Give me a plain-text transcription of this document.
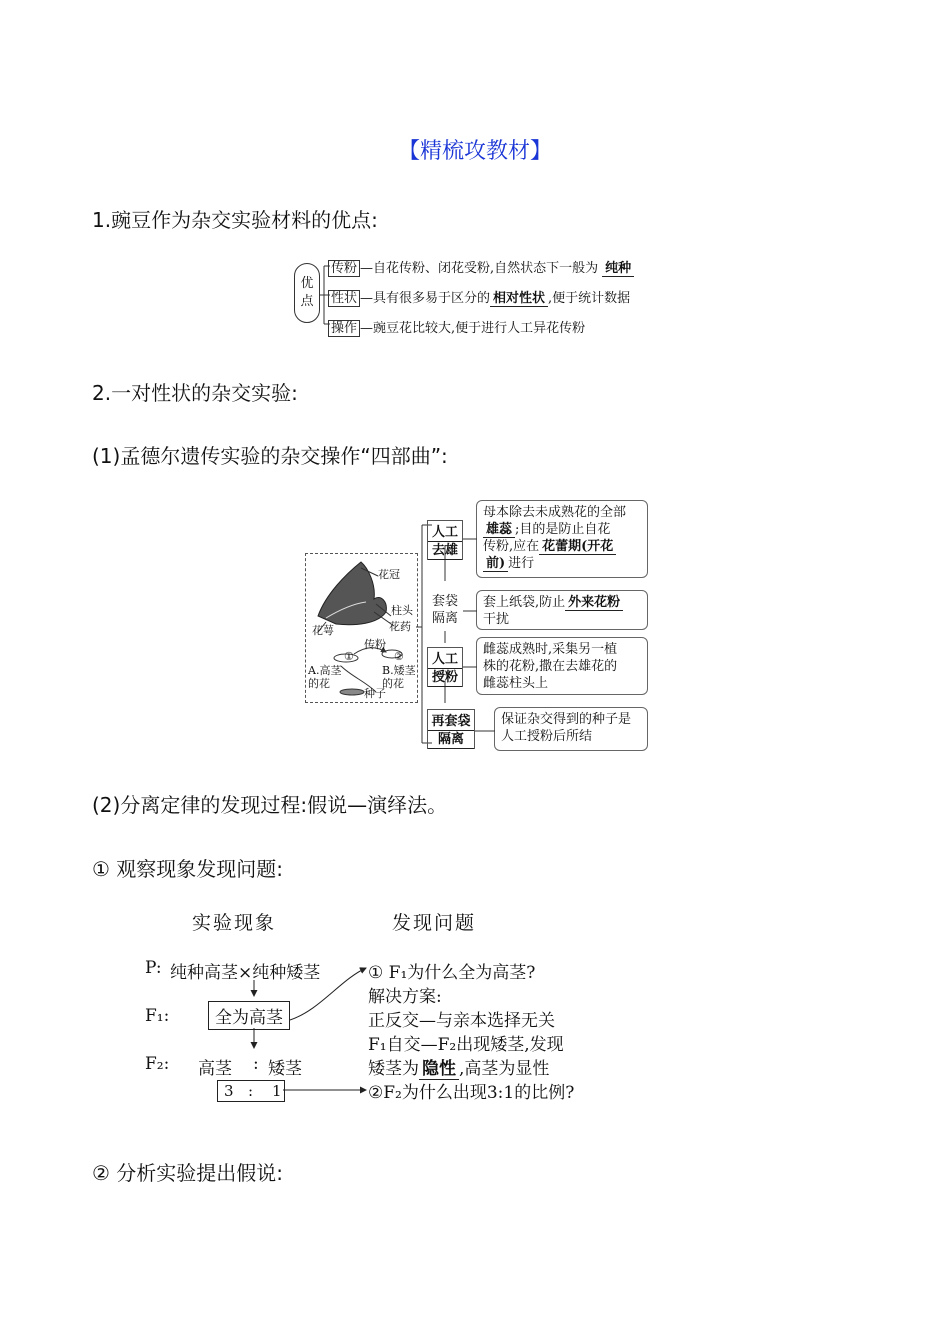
【精梳攻教材】
1.豌豆作为杂交实验材料的优点:
优点
传粉 —自花传粉、闭花受粉,自然状态下一般为 纯种
性状 —具有很多易于区分的 相对性状 ,便于统计数据
操作 —豌豆花比较大,便于进行人工异花传粉
2.一对性状的杂交实验:
(1)孟德尔遗传实验的杂交操作“四部曲”:
花冠
柱头
花药
花萼
传粉
①	②
A.高茎的花
B.矮茎的花
种子
人工
去雄
母本除去未成熟花的全部
雄蕊 ;目的是防止自花
传粉,应在 花蕾期(开花
前) 进行
套袋
隔离
套上纸袋,防止 外来花粉
干扰
人工
授粉
雌蕊成熟时,采集另一植
株的花粉,撒在去雄花的
雌蕊柱头上
再套袋
隔离
保证杂交得到的种子是
人工授粉后所结
(2)分离定律的发现过程:假说—演绎法。
① 观察现象发现问题:
实验现象	发现问题
P: 纯种高茎×纯种矮茎
F₁:	全为高茎
F₂: 高茎 : 矮茎
3 : 1
① F₁为什么全为高茎?
解决方案:
正反交—与亲本选择无关
F₁自交—F₂出现矮茎,发现
矮茎为 隐性 ,高茎为显性
②F₂为什么出现3:1的比例?
② 分析实验提出假说:
